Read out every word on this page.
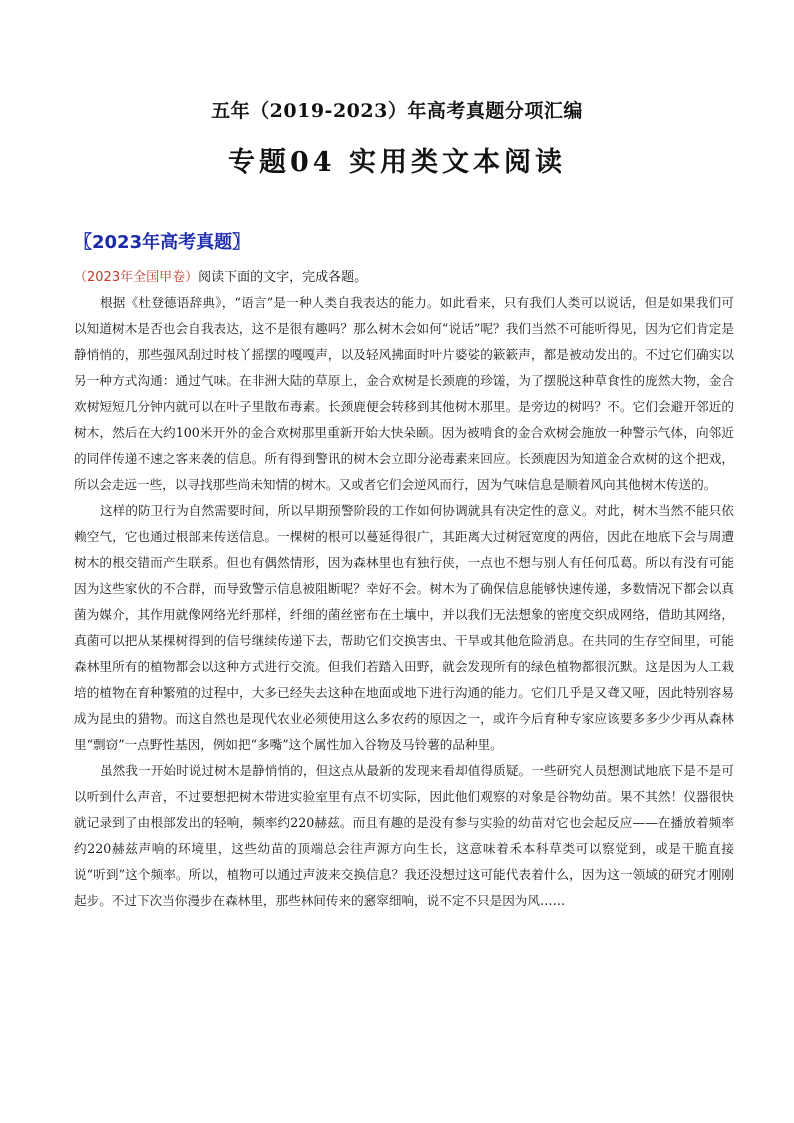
五年（2019-2023）年高考真题分项汇编
专题04 实用类文本阅读
〖2023年高考真题〗
（2023年全国甲卷）阅读下面的文字，完成各题。

根据《杜登德语辞典》，“语言”是一种人类自我表达的能力。如此看来，只有我们人类可以说话，但是如果我们可以知道树木是否也会自我表达，这不是很有趣吗？那么树木会如何“说话”呢？我们当然不可能听得见，因为它们肯定是静悄悄的，那些强风刮过时枝丫摇摆的嘎嘎声，以及轻风拂面时叶片婆娑的簌簌声，都是被动发出的。不过它们确实以另一种方式沟通：通过气味。在非洲大陆的草原上，金合欢树是长颈鹿的珍馐，为了摆脱这种草食性的庞然大物，金合欢树短短几分钟内就可以在叶子里散布毒素。长颈鹿便会转移到其他树木那里。是旁边的树吗？不。它们会避开邻近的树木，然后在大约100米开外的金合欢树那里重新开始大快朵颐。因为被啃食的金合欢树会施放一种警示气体，向邻近的同伴传递不速之客来袭的信息。所有得到警讯的树木会立即分泌毒素来回应。长颈鹿因为知道金合欢树的这个把戏，所以会走远一些，以寻找那些尚未知情的树木。又或者它们会逆风而行，因为气味信息是顺着风向其他树木传送的。

这样的防卫行为自然需要时间，所以早期预警阶段的工作如何协调就具有决定性的意义。对此，树木当然不能只依赖空气，它也通过根部来传送信息。一棵树的根可以蔓延得很广，其距离大过树冠宽度的两倍，因此在地底下会与周遭树木的根交错而产生联系。但也有偶然情形，因为森林里也有独行侠，一点也不想与别人有任何瓜葛。所以有没有可能因为这些家伙的不合群，而导致警示信息被阻断呢？幸好不会。树木为了确保信息能够快速传递，多数情况下都会以真菌为媒介，其作用就像网络光纤那样，纤细的菌丝密布在土壤中，并以我们无法想象的密度交织成网络，借助其网络，真菌可以把从某棵树得到的信号继续传递下去，帮助它们交换害虫、干旱或其他危险消息。在共同的生存空间里，可能森林里所有的植物都会以这种方式进行交流。但我们若踏入田野，就会发现所有的绿色植物都很沉默。这是因为人工栽培的植物在育种繁殖的过程中，大多已经失去这种在地面或地下进行沟通的能力。它们几乎是又聋又哑，因此特别容易成为昆虫的猎物。而这自然也是现代农业必须使用这么多农药的原因之一，或许今后育种专家应该要多多少少再从森林里“剽窃”一点野性基因，例如把“多嘴”这个属性加入谷物及马铃薯的品种里。

虽然我一开始时说过树木是静悄悄的，但这点从最新的发现来看却值得质疑。一些研究人员想测试地底下是不是可以听到什么声音，不过要想把树木带进实验室里有点不切实际，因此他们观察的对象是谷物幼苗。果不其然！仪器很快就记录到了由根部发出的轻响，频率约220赫兹。而且有趣的是没有参与实验的幼苗对它也会起反应——在播放着频率约220赫兹声响的环境里，这些幼苗的顶端总会往声源方向生长，这意味着禾本科草类可以察觉到，或是干脆直接说“听到”这个频率。所以，植物可以通过声波来交换信息？我还没想过这可能代表着什么，因为这一领域的研究才刚刚起步。不过下次当你漫步在森林里，那些林间传来的窸窣细响，说不定不只是因为风……
